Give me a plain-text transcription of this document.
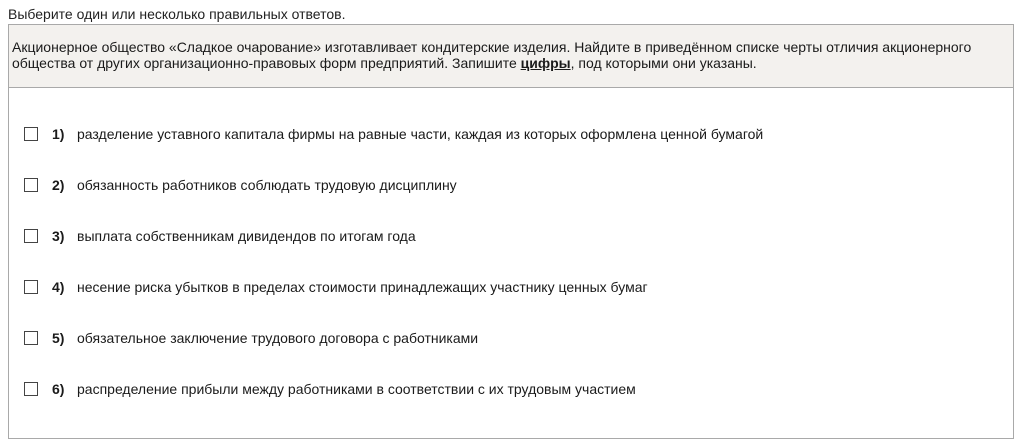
Выберите один или несколько правильных ответов.
Акционерное общество «Сладкое очарование» изготавливает кондитерские изделия. Найдите в приведённом списке черты отличия акционерного общества от других организационно-правовых форм предприятий. Запишите цифры, под которыми они указаны.
1) разделение уставного капитала фирмы на равные части, каждая из которых оформлена ценной бумагой
2) обязанность работников соблюдать трудовую дисциплину
3) выплата собственникам дивидендов по итогам года
4) несение риска убытков в пределах стоимости принадлежащих участнику ценных бумаг
5) обязательное заключение трудового договора с работниками
6) распределение прибыли между работниками в соответствии с их трудовым участием
